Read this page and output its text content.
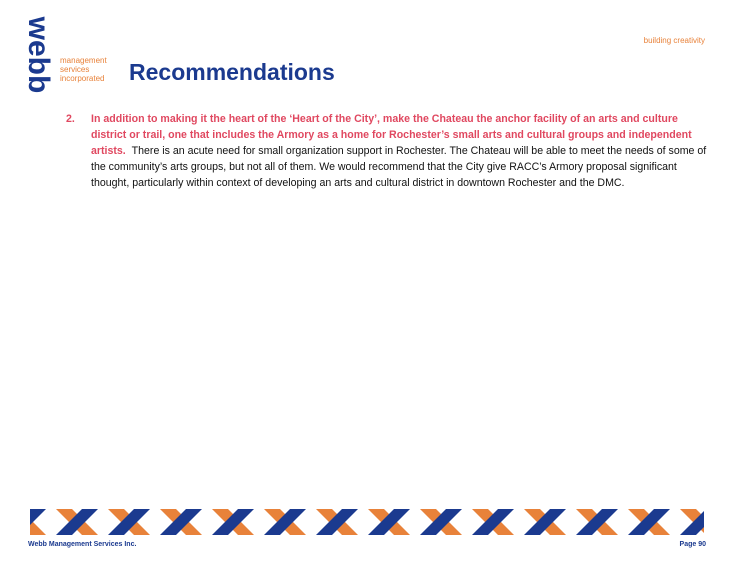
webb management
services
incorporated
building creativity
Recommendations
2. In addition to making it the heart of the ‘Heart of the City’, make the Chateau the anchor facility of an arts and culture district or trail, one that includes the Armory as a home for Rochester’s small arts and cultural groups and independent artists. There is an acute need for small organization support in Rochester. The Chateau will be able to meet the needs of some of the community’s arts groups, but not all of them. We would recommend that the City give RACC’s Armory proposal significant thought, particularly within context of developing an arts and cultural district in downtown Rochester and the DMC.
Webb Management Services Inc.	Page 90
